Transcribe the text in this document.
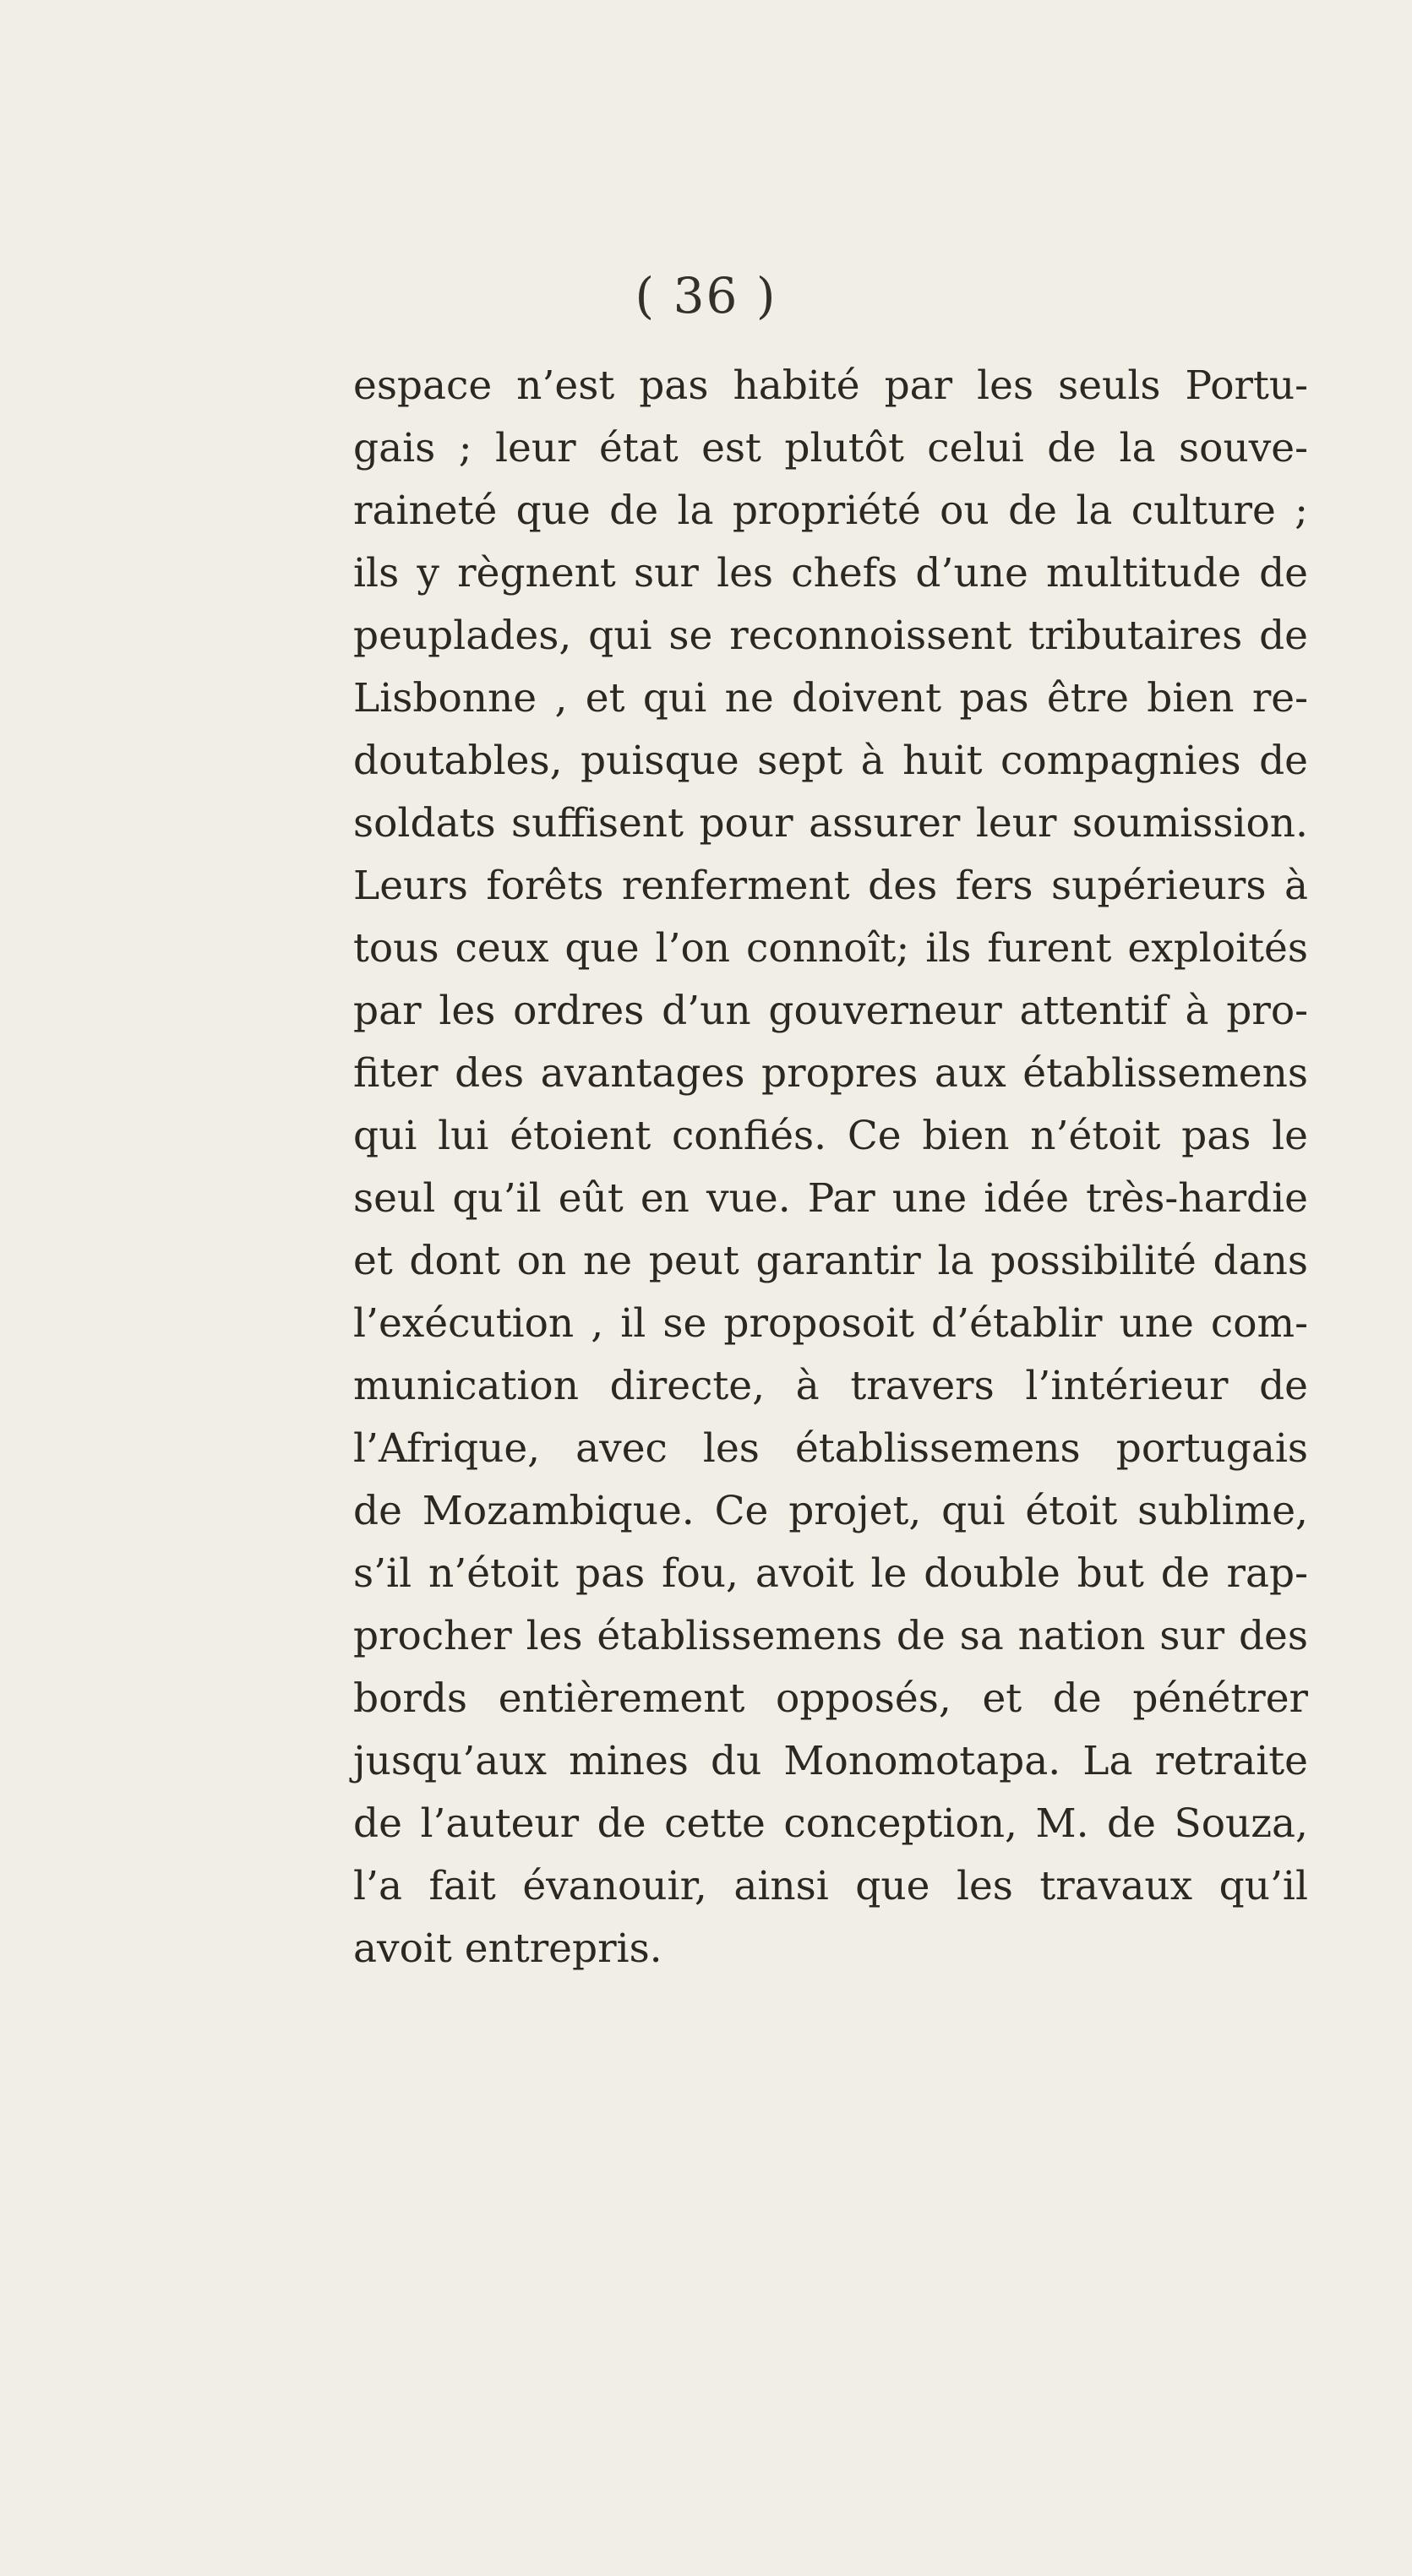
( 36 )
espace n’est pas habité par les seuls Portu-
gais ; leur état est plutôt celui de la souve-
raineté que de la propriété ou de la culture ;
ils y règnent sur les chefs d’une multitude de
peuplades, qui se reconnoissent tributaires de
Lisbonne , et qui ne doivent pas être bien re-
doutables, puisque sept à huit compagnies de
soldats suffisent pour assurer leur soumission.
Leurs forêts renferment des fers supérieurs à
tous ceux que l’on connoît; ils furent exploités
par les ordres d’un gouverneur attentif à pro-
fiter des avantages propres aux établissemens
qui lui étoient confiés. Ce bien n’étoit pas le
seul qu’il eût en vue. Par une idée très-hardie
et dont on ne peut garantir la possibilité dans
l’exécution , il se proposoit d’établir une com-
munication directe, à travers l’intérieur de
l’Afrique, avec les établissemens portugais
de Mozambique. Ce projet, qui étoit sublime,
s’il n’étoit pas fou, avoit le double but de rap-
procher les établissemens de sa nation sur des
bords entièrement opposés, et de pénétrer
jusqu’aux mines du Monomotapa. La retraite
de l’auteur de cette conception, M. de Souza,
l’a fait évanouir, ainsi que les travaux qu’il
avoit entrepris.
